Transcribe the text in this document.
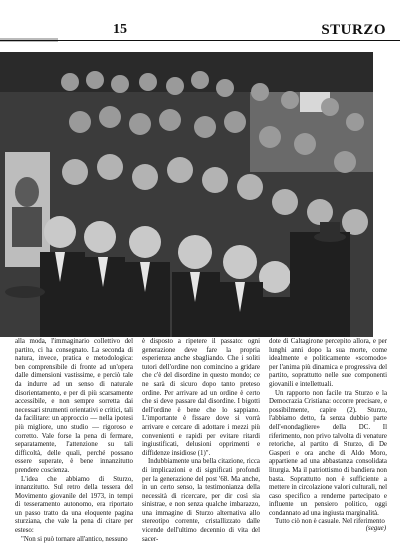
15	STURZO

alla moda, l'immaginario collettivo del partito, ci ha consegnato. La seconda di natura, invece, pratica e metodologica: ben comprensibile di fronte ad un'opera dalle dimensioni vastissime, e perciò tale da indurre ad un senso di naturale disorientamento, e per di più scarsamente accessibile, e non sempre sorretta dai necessari strumenti orientativi e critici, tali da facilitare: un approccio — nella ipotesi più migliore, uno studio — rigoroso e corretto. Vale forse la pena di fermare, separatamente, l'attenzione su tali difficoltà, delle quali, perché possano essere superate, è bene innanzitutto prendere coscienza.

L'idea che abbiamo di Sturzo, innanzitutto. Sul retro della tessera del Movimento giovanile del 1973, in tempi di tesseramento autonomo, era riportato un passo tratto da una eloquente pagina sturziana, che vale la pena di citare per esteso:

"Non si può tornare all'antico, nessuno

è disposto a ripetere il passato: ogni generazione deve fare la propria esperienza anche sbagliando. Che i soliti tutori dell'ordine non comincino a gridare che c'è del disordine in questo mondo; ce ne sarà di sicuro dopo tanto preteso ordine. Per arrivare ad un ordine è certo che si deve passare dal disordine. I bigotti dell'ordine è bene che lo sappiano. L'importante è fissare dove si vorrà arrivare e cercare di adottare i mezzi più convenienti e rapidi per evitare ritardi ingiustificati, delusioni opprimenti e diffidenze insidiose (1)".

Indubbiamente una bella citazione, ricca di implicazioni e di significati profondi per la generazione del post '68. Ma anche, in un certo senso, la testimonianza della necessità di ricercare, per dir così sia sinistrae, e non senza qualche imbarazzo, una immagine di Sturzo alternativa allo stereotipo corrente, cristallizzato dalle vicende dell'ultimo decennio di vita del sacer-

dote di Caltagirone percepito allora, e per lunghi anni dopo la sua morte, come idealmente e politicamente «scomodo» per l'anima più dinamica e progressiva del partito, soprattutto nelle sue componenti giovanili e intellettuali.

Un rapporto non facile tra Sturzo e la Democrazia Cristiana: occorre precisare, e possibilmente, capire (2). Sturzo, l'abbiamo detto, fa senza dubbio parte dell'«nondagliere» della DC. Il riferimento, non privo talvolta di venature retoriche, al partito di Sturzo, di De Gasperi e ora anche di Aldo Moro, appartiene ad una abbastanza consolidata liturgia. Ma il patriottismo di bandiera non basta. Soprattutto non è sufficiente a mettere in circolazione valori culturali, nel caso specifico a renderne partecipato e influente un pensiero politico, oggi condannato ad una ingiusta marginalità.

Tutto ciò non è casuale. Nel riferimento

(segue)
